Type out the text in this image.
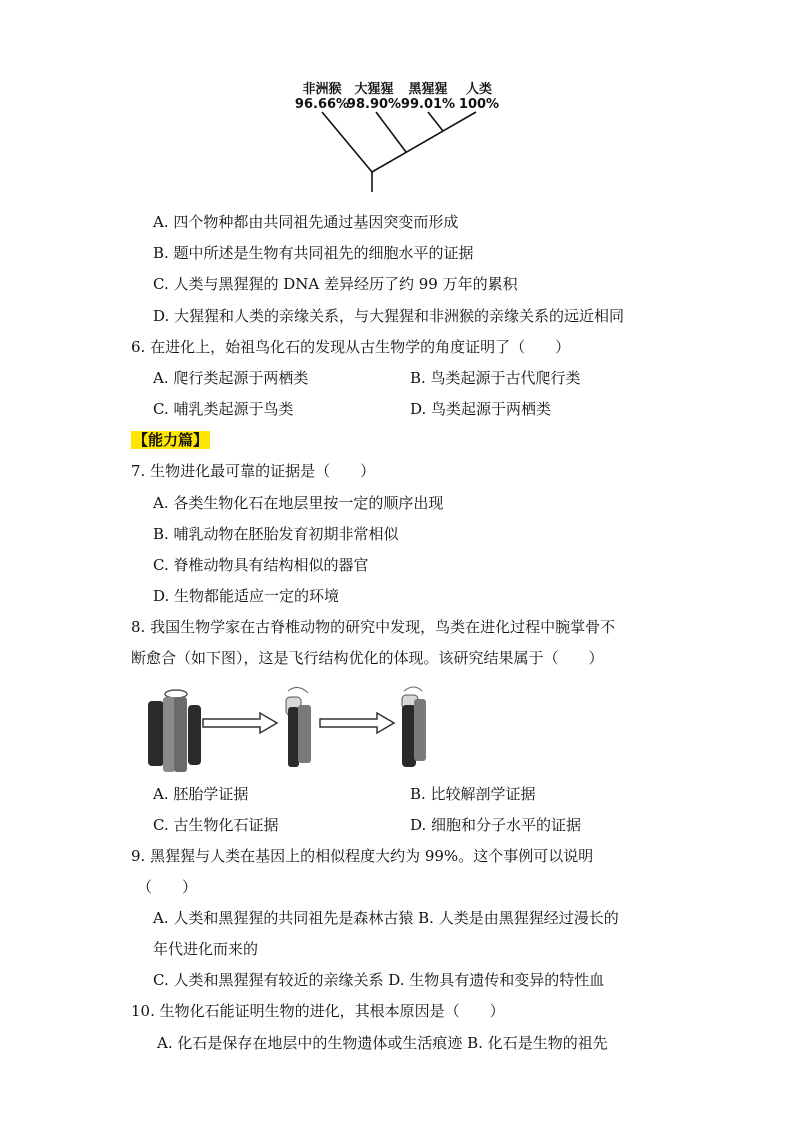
非洲猴
96.66%
大猩猩
98.90%
黑猩猩
99.01%
人类
100%
A. 四个物种都由共同祖先通过基因突变而形成
B. 题中所述是生物有共同祖先的细胞水平的证据
C. 人类与黑猩猩的 DNA 差异经历了约 99 万年的累积
D. 大猩猩和人类的亲缘关系，与大猩猩和非洲猴的亲缘关系的远近相同
6. 在进化上，始祖鸟化石的发现从古生物学的角度证明了（　　）
A. 爬行类起源于两栖类	B. 鸟类起源于古代爬行类
C. 哺乳类起源于鸟类	D. 鸟类起源于两栖类
【能力篇】
7. 生物进化最可靠的证据是（　　）
A. 各类生物化石在地层里按一定的顺序出现
B. 哺乳动物在胚胎发育初期非常相似
C. 脊椎动物具有结构相似的器官
D. 生物都能适应一定的环境
8. 我国生物学家在古脊椎动物的研究中发现，鸟类在进化过程中腕掌骨不
断愈合（如下图），这是飞行结构优化的体现。该研究结果属于（　　）
A. 胚胎学证据	B. 比较解剖学证据
C. 古生物化石证据	D. 细胞和分子水平的证据
9. 黑猩猩与人类在基因上的相似程度大约为 99%。这个事例可以说明
（　　）
A. 人类和黑猩猩的共同祖先是森林古猿 B. 人类是由黑猩猩经过漫长的
年代进化而来的
C. 人类和黑猩猩有较近的亲缘关系 D. 生物具有遗传和变异的特性血
10. 生物化石能证明生物的进化，其根本原因是（　　）
A. 化石是保存在地层中的生物遗体或生活痕迹 B. 化石是生物的祖先
